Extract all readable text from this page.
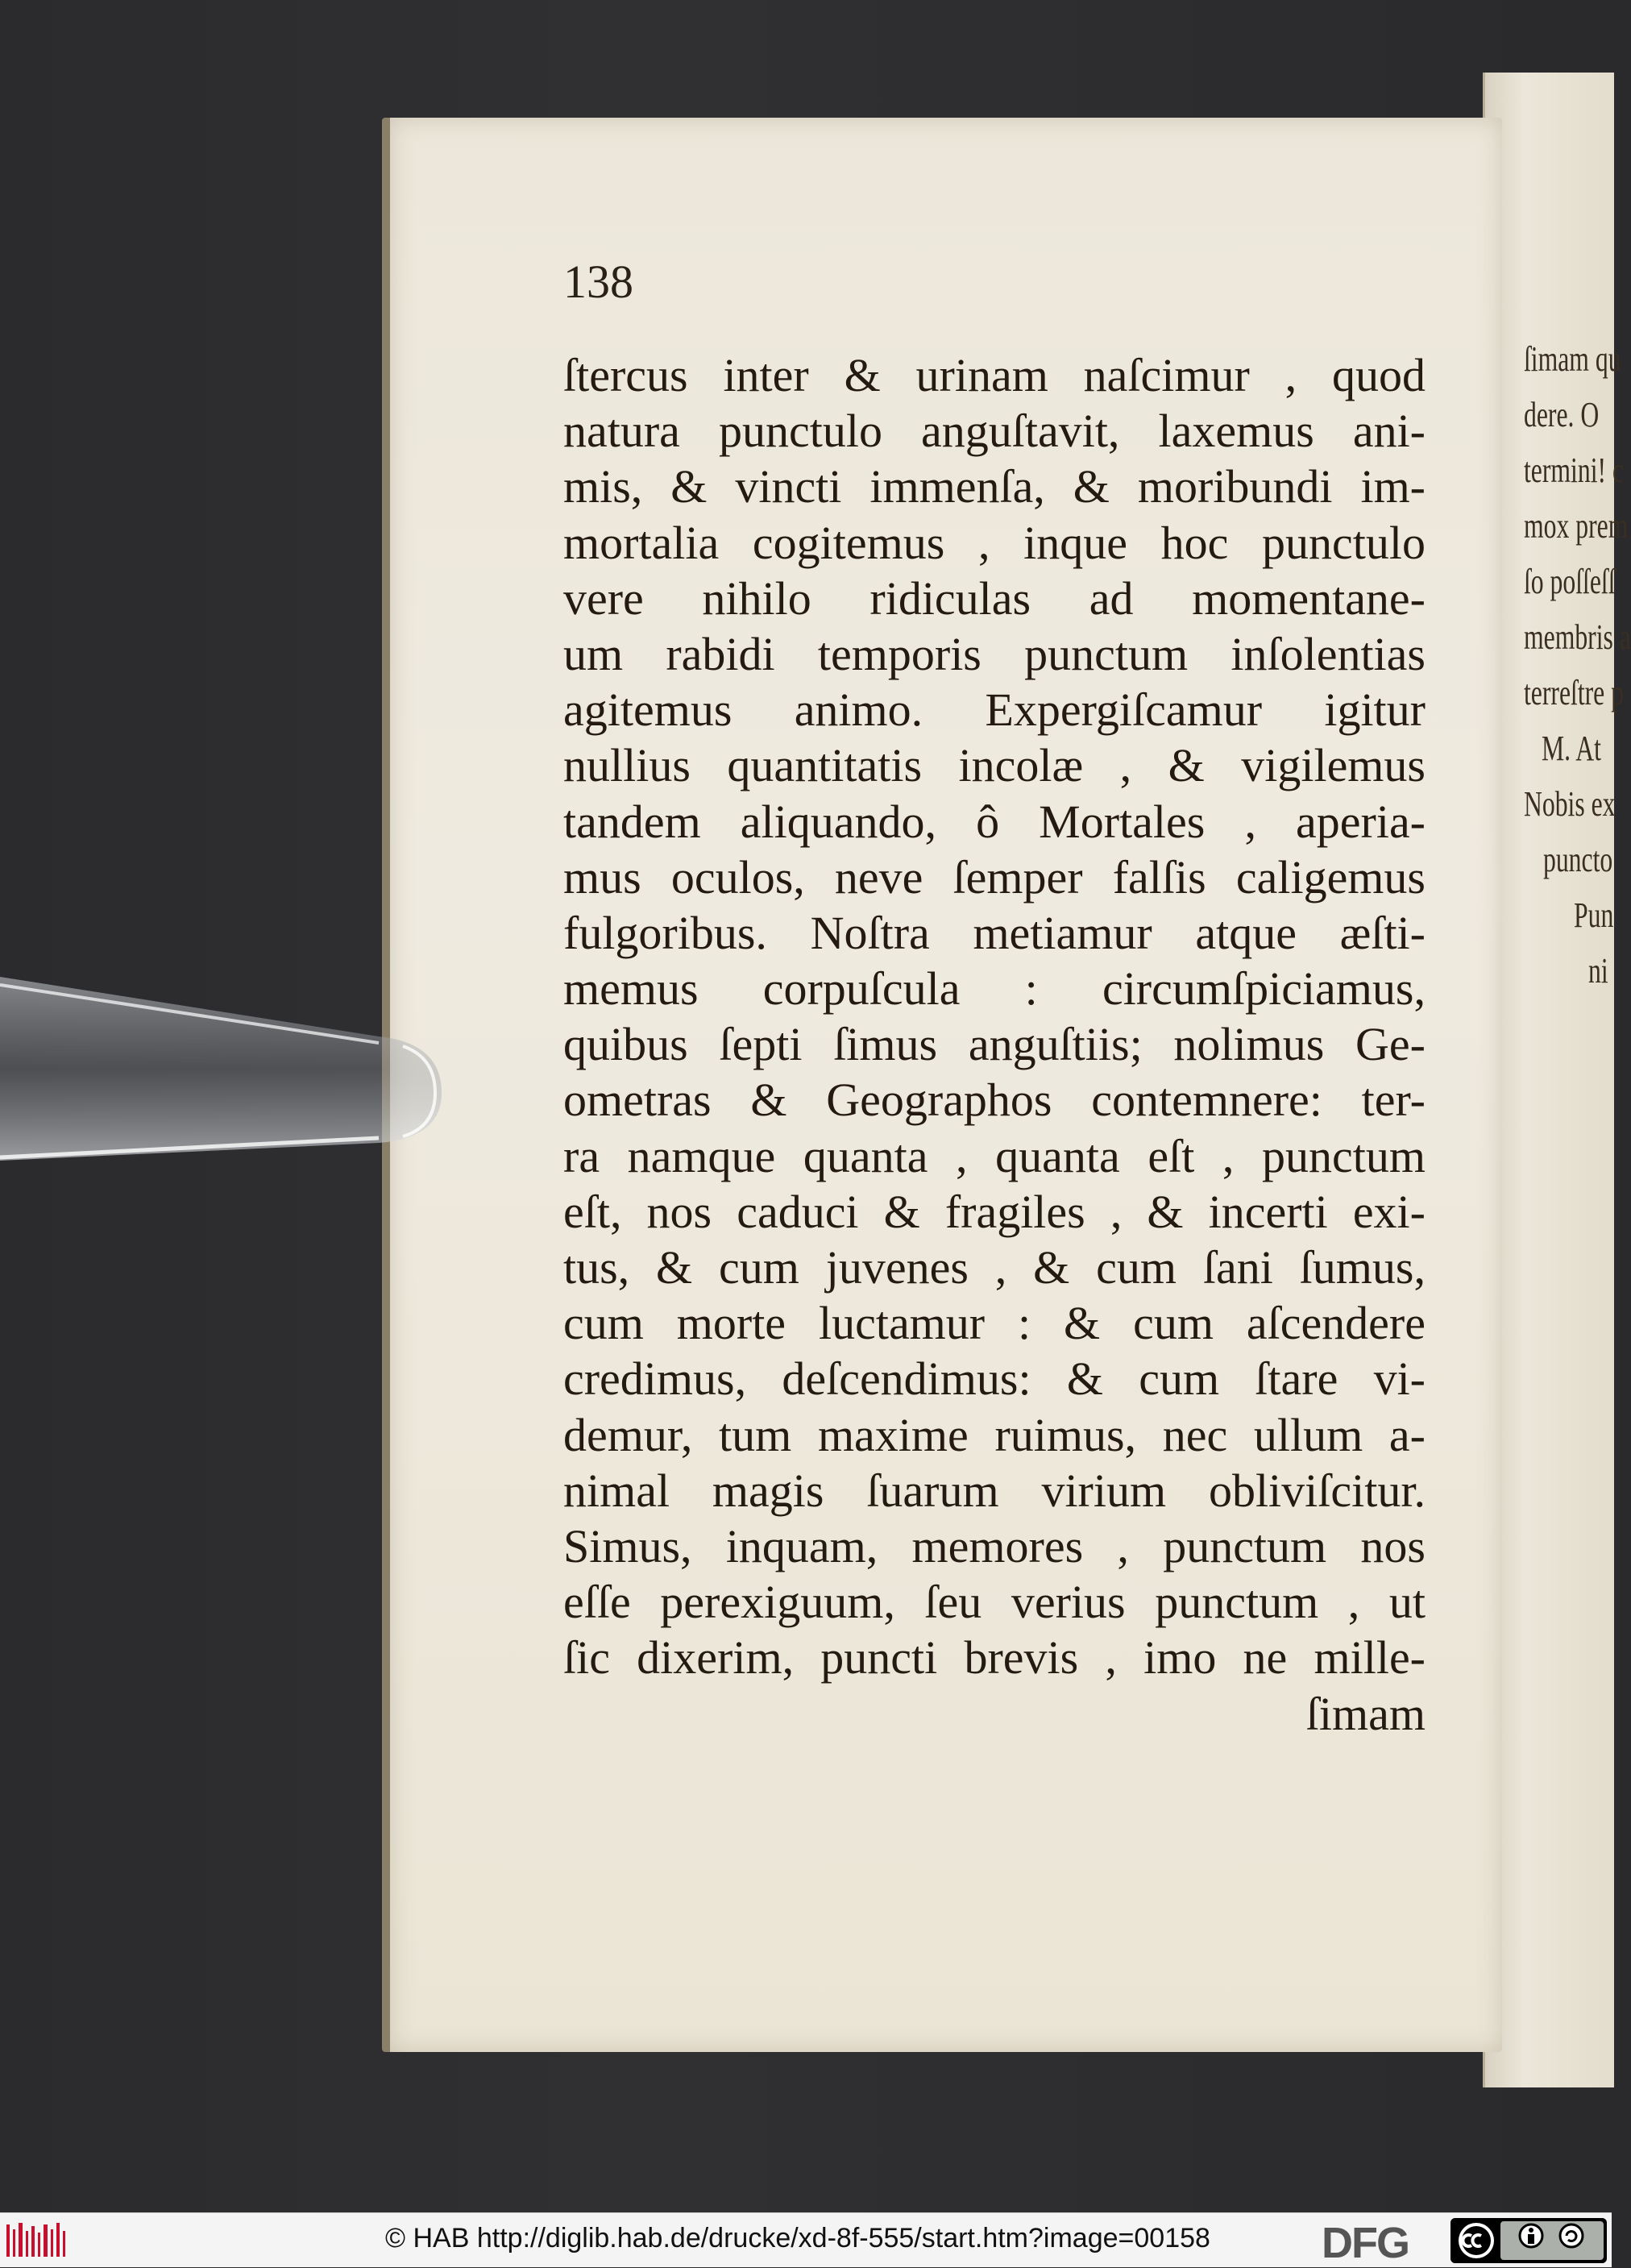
ſimam qu
dere. O
termini! c
mox prem
ſo poſſeſſ
membris a
terreſtre p
M. At
Nobis ex
puncto
Pun
ni
138
ſtercus inter & urinam naſcimur , quod
natura punctulo anguſtavit, laxemus ani-
mis, & vincti immenſa, & moribundi im-
mortalia cogitemus , inque hoc punctulo
vere nihilo ridiculas ad momentane-
um rabidi temporis punctum inſolentias
agitemus animo. Expergiſcamur igitur
nullius quantitatis incolæ , & vigilemus
tandem aliquando, ô Mortales , aperia-
mus oculos, neve ſemper falſis caligemus
fulgoribus. Noſtra metiamur atque æſti-
memus corpuſcula : circumſpiciamus,
quibus ſepti ſimus anguſtiis; nolimus Ge-
ometras & Geographos contemnere: ter-
ra namque quanta , quanta eſt , punctum
eſt, nos caduci & fragiles , & incerti exi-
tus, & cum juvenes , & cum ſani ſumus,
cum morte luctamur : & cum aſcendere
credimus, deſcendimus: & cum ſtare vi-
demur, tum maxime ruimus, nec ullum a-
nimal magis ſuarum virium obliviſcitur.
Simus, inquam, memores , punctum nos
eſſe perexiguum, ſeu verius punctum , ut
ſic dixerim, puncti brevis , imo ne mille-
ſimam
© HAB http://diglib.hab.de/drucke/xd-8f-555/start.htm?image=00158	DFG
